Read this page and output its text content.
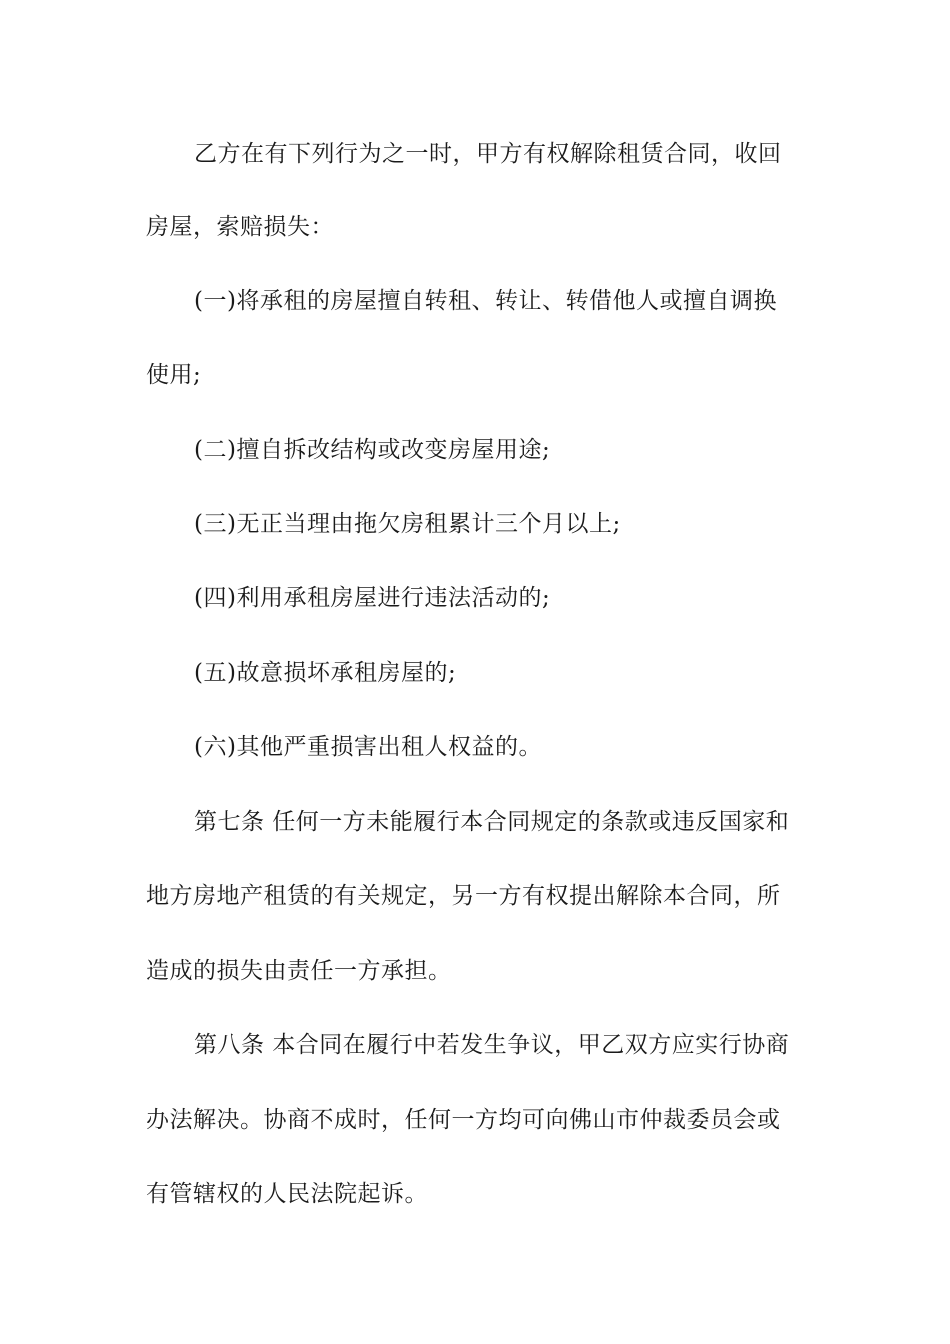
乙方在有下列行为之一时，甲方有权解除租赁合同，收回
房屋，索赔损失：
(一)将承租的房屋擅自转租、转让、转借他人或擅自调换
使用;
(二)擅自拆改结构或改变房屋用途;
(三)无正当理由拖欠房租累计三个月以上;
(四)利用承租房屋进行违法活动的;
(五)故意损坏承租房屋的;
(六)其他严重损害出租人权益的。
第七条 任何一方未能履行本合同规定的条款或违反国家和
地方房地产租赁的有关规定，另一方有权提出解除本合同，所
造成的损失由责任一方承担。
第八条 本合同在履行中若发生争议，甲乙双方应实行协商
办法解决。协商不成时，任何一方均可向佛山市仲裁委员会或
有管辖权的人民法院起诉。
